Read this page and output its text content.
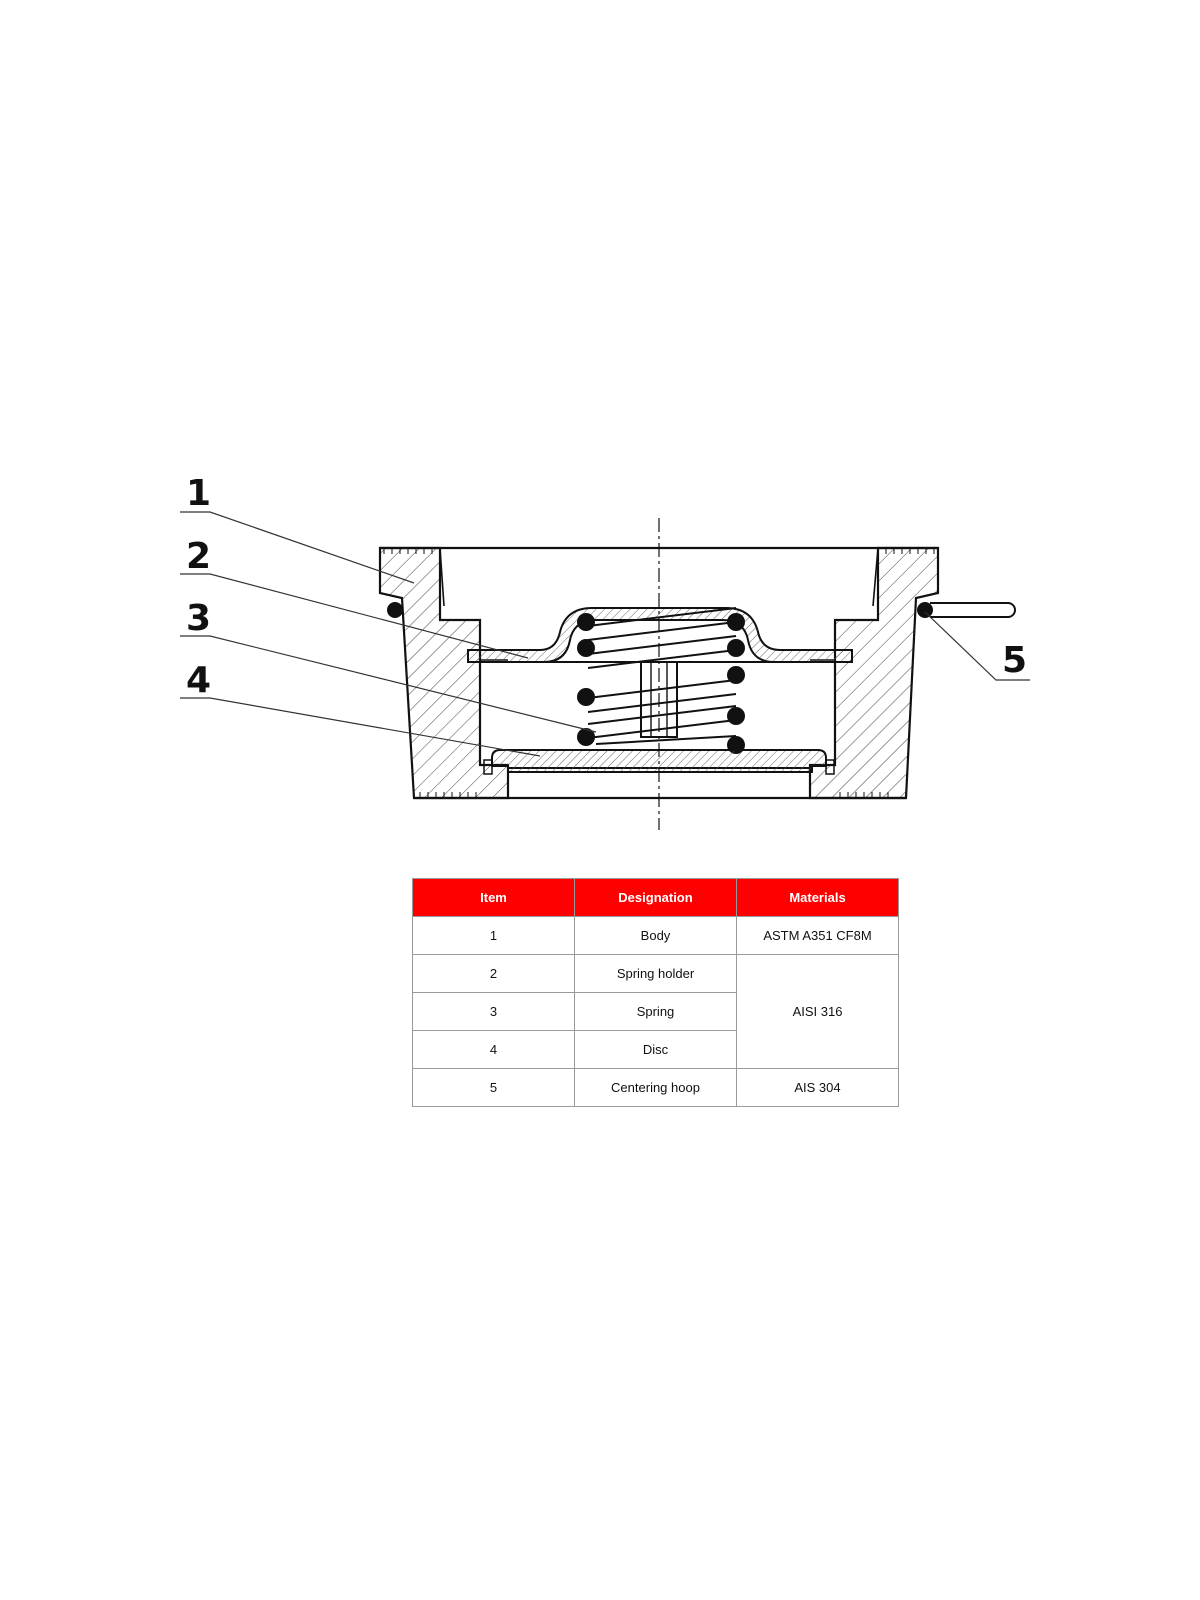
1
2
3
4	5
Item	Designation	Materials
1	Body	ASTM A351 CF8M
2	Spring holder	AISI 316
3	Spring	
4	Disc	
5	Centering hoop	AIS 304
